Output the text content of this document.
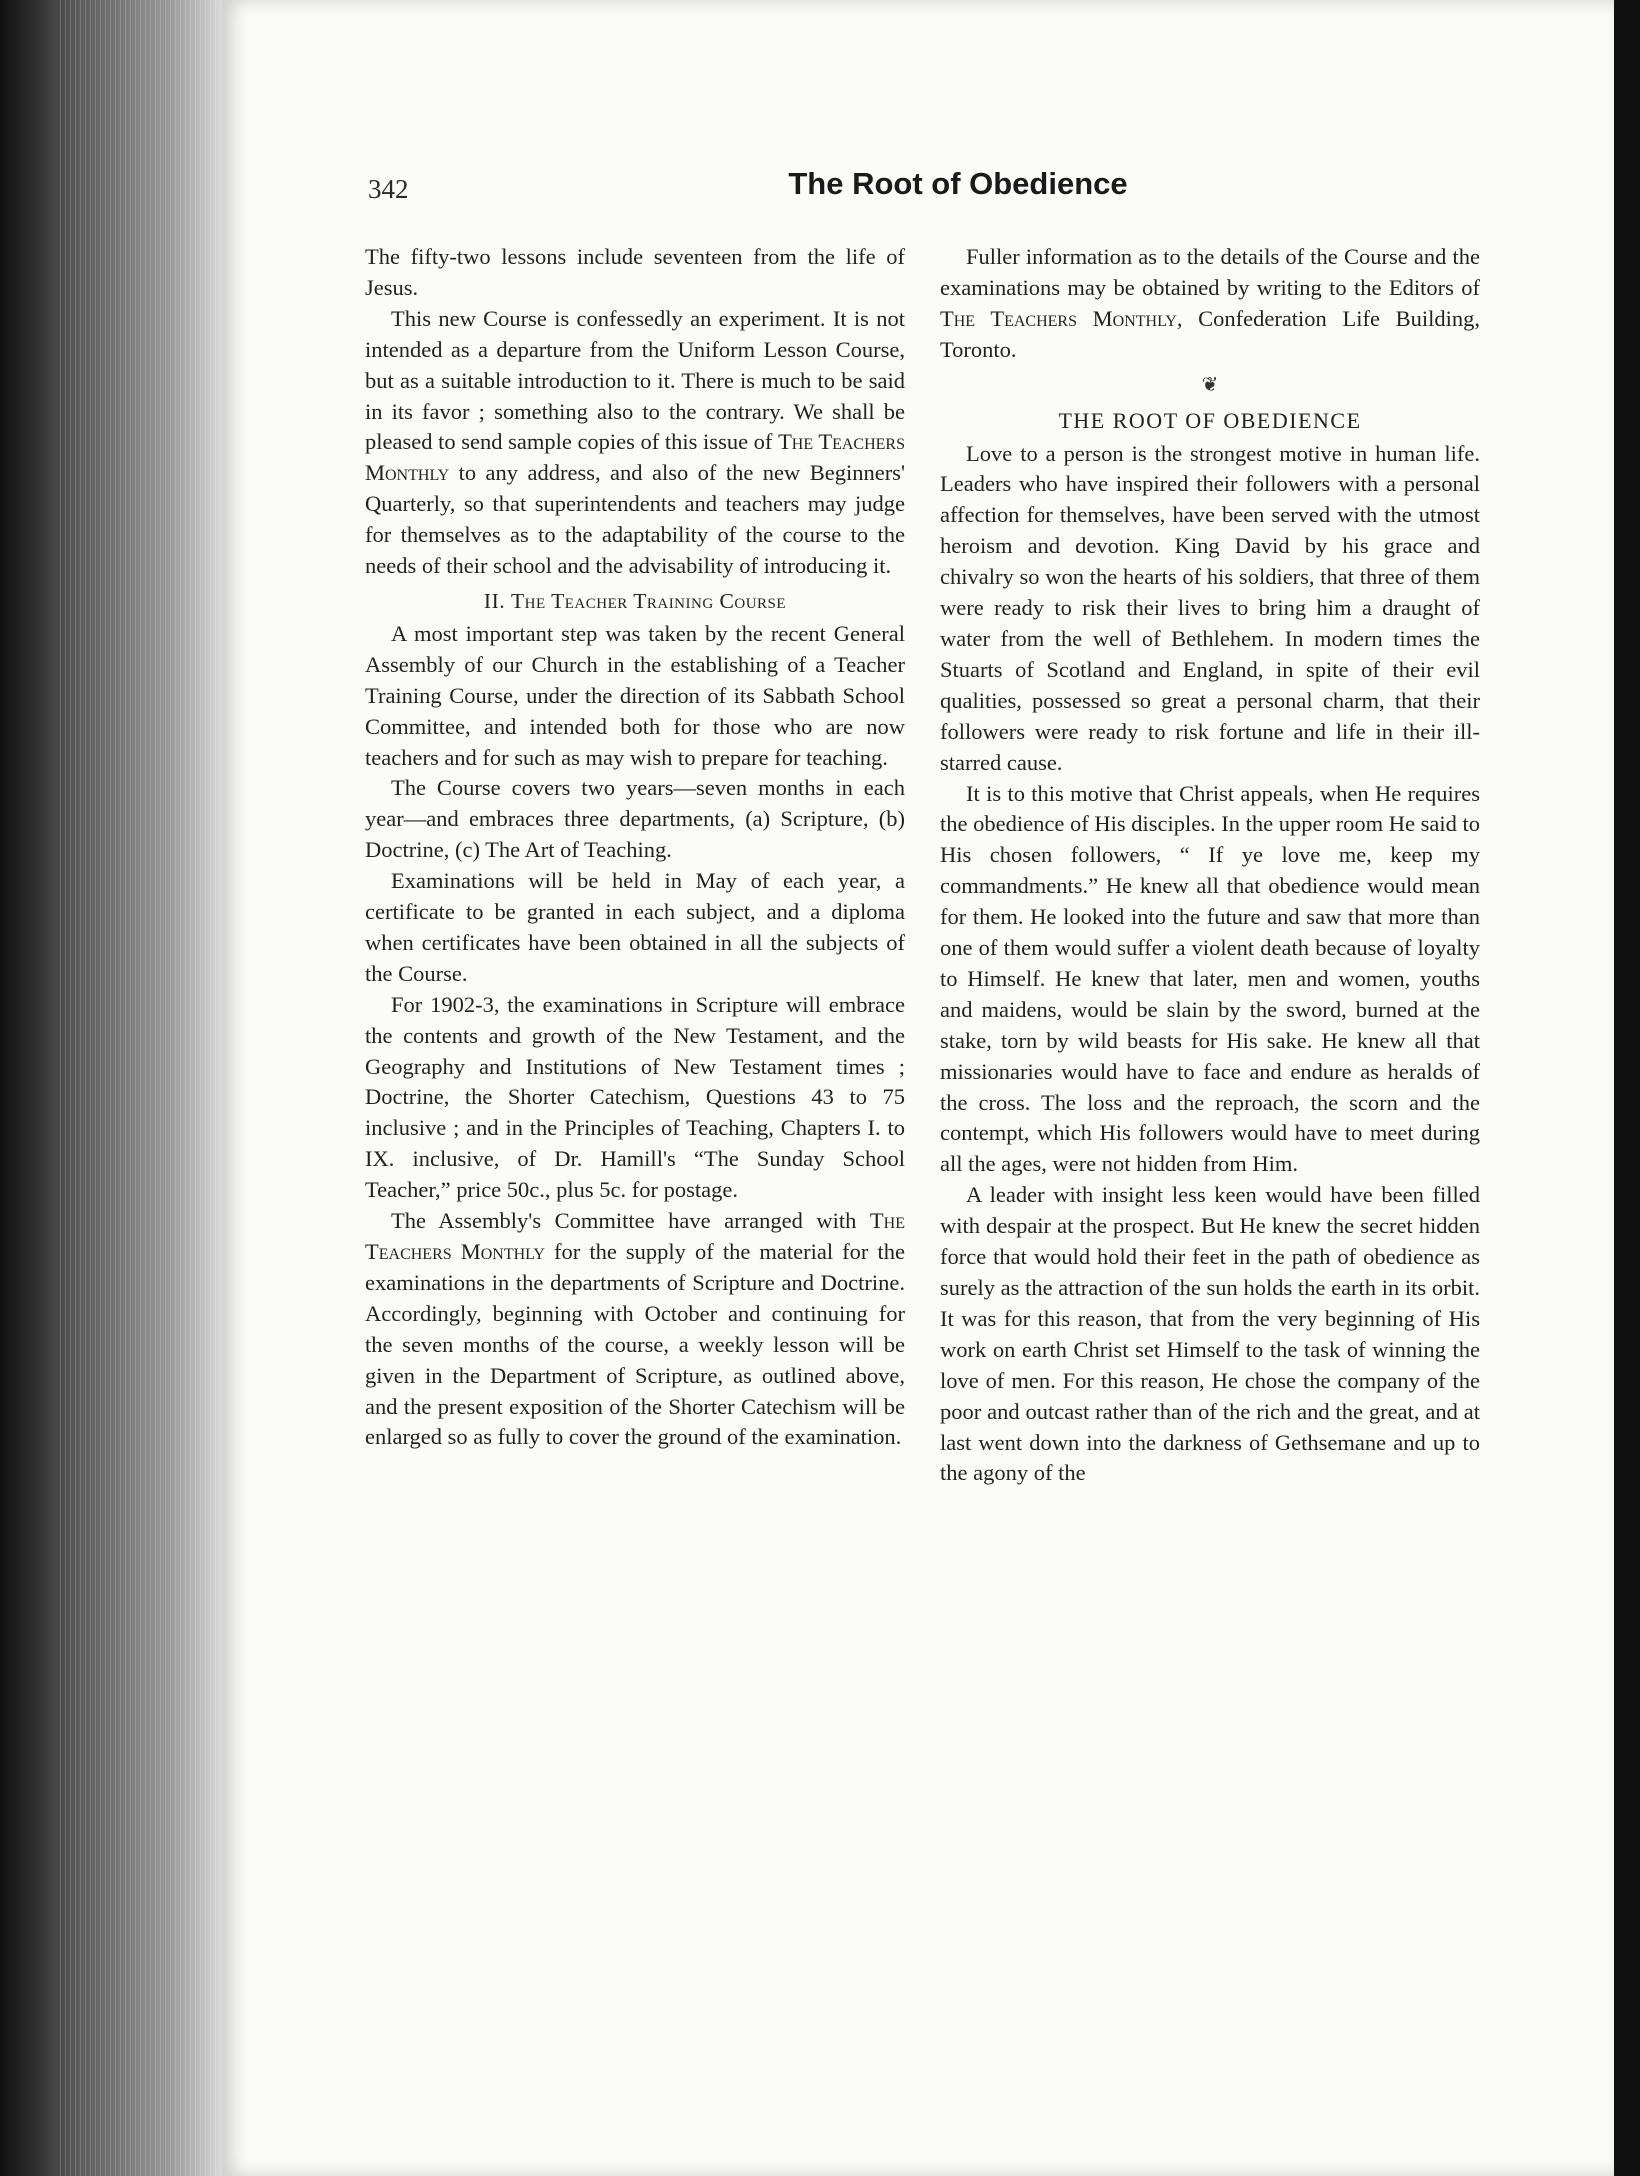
342	The Root of Obedience

The fifty-two lessons include seventeen from the life of Jesus.

This new Course is confessedly an experiment. It is not intended as a departure from the Uniform Lesson Course, but as a suitable introduction to it. There is much to be said in its favor ; something also to the contrary. We shall be pleased to send sample copies of this issue of The Teachers Monthly to any address, and also of the new Beginners' Quarterly, so that superintendents and teachers may judge for themselves as to the adaptability of the course to the needs of their school and the advisability of introducing it.

II. The Teacher Training Course

A most important step was taken by the recent General Assembly of our Church in the establishing of a Teacher Training Course, under the direction of its Sabbath School Committee, and intended both for those who are now teachers and for such as may wish to prepare for teaching.

The Course covers two years—seven months in each year—and embraces three departments, (a) Scripture, (b) Doctrine, (c) The Art of Teaching.

Examinations will be held in May of each year, a certificate to be granted in each subject, and a diploma when certificates have been obtained in all the subjects of the Course.

For 1902-3, the examinations in Scripture will embrace the contents and growth of the New Testament, and the Geography and Institutions of New Testament times ; Doctrine, the Shorter Catechism, Questions 43 to 75 inclusive ; and in the Principles of Teaching, Chapters I. to IX. inclusive, of Dr. Hamill's “The Sunday School Teacher,” price 50c., plus 5c. for postage.

The Assembly's Committee have arranged with The Teachers Monthly for the supply of the material for the examinations in the departments of Scripture and Doctrine. Accordingly, beginning with October and continuing for the seven months of the course, a weekly lesson will be given in the Department of Scripture, as outlined above, and the present exposition of the Shorter Catechism will be enlarged so as fully to cover the ground of the examination.

Fuller information as to the details of the Course and the examinations may be obtained by writing to the Editors of The Teachers Monthly, Confederation Life Building, Toronto.

❦
THE ROOT OF OBEDIENCE

Love to a person is the strongest motive in human life. Leaders who have inspired their followers with a personal affection for themselves, have been served with the utmost heroism and devotion. King David by his grace and chivalry so won the hearts of his soldiers, that three of them were ready to risk their lives to bring him a draught of water from the well of Bethlehem. In modern times the Stuarts of Scotland and England, in spite of their evil qualities, possessed so great a personal charm, that their followers were ready to risk fortune and life in their ill-starred cause.

It is to this motive that Christ appeals, when He requires the obedience of His disciples. In the upper room He said to His chosen followers, “ If ye love me, keep my commandments.” He knew all that obedience would mean for them. He looked into the future and saw that more than one of them would suffer a violent death because of loyalty to Himself. He knew that later, men and women, youths and maidens, would be slain by the sword, burned at the stake, torn by wild beasts for His sake. He knew all that missionaries would have to face and endure as heralds of the cross. The loss and the reproach, the scorn and the contempt, which His followers would have to meet during all the ages, were not hidden from Him.

A leader with insight less keen would have been filled with despair at the prospect. But He knew the secret hidden force that would hold their feet in the path of obedience as surely as the attraction of the sun holds the earth in its orbit. It was for this reason, that from the very beginning of His work on earth Christ set Himself to the task of winning the love of men. For this reason, He chose the company of the poor and outcast rather than of the rich and the great, and at last went down into the darkness of Gethsemane and up to the agony of the
